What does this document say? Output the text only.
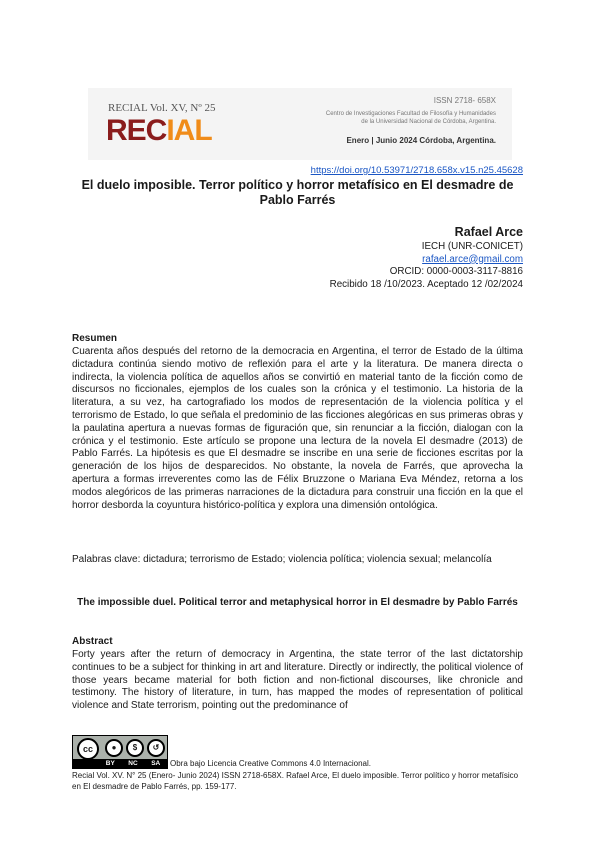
RECIAL Vol. XV, Nº 25
RECIAL
ISSN 2718- 658X
Centro de Investigaciones Facultad de Filosofía y Humanidades
de la Universidad Nacional de Córdoba, Argentina.
Enero | Junio 2024 Córdoba, Argentina.
https://doi.org/10.53971/2718.658x.v15.n25.45628
El duelo imposible. Terror político y horror metafísico en El desmadre de Pablo Farrés
Rafael Arce
IECH (UNR-CONICET)
rafael.arce@gmail.com
ORCID: 0000-0003-3117-8816
Recibido 18 /10/2023. Aceptado 12 /02/2024
Resumen
Cuarenta años después del retorno de la democracia en Argentina, el terror de Estado de la última dictadura continúa siendo motivo de reflexión para el arte y la literatura. De manera directa o indirecta, la violencia política de aquellos años se convirtió en material tanto de la ficción como de discursos no ficcionales, ejemplos de los cuales son la crónica y el testimonio. La historia de la literatura, a su vez, ha cartografiado los modos de representación de la violencia política y el terrorismo de Estado, lo que señala el predominio de las ficciones alegóricas en sus primeras obras y la paulatina apertura a nuevas formas de figuración que, sin renunciar a la ficción, dialogan con la crónica y el testimonio. Este artículo se propone una lectura de la novela El desmadre (2013) de Pablo Farrés. La hipótesis es que El desmadre se inscribe en una serie de ficciones escritas por la generación de los hijos de desparecidos. No obstante, la novela de Farrés, que aprovecha la apertura a formas irreverentes como las de Félix Bruzzone o Mariana Eva Méndez, retorna a los modos alegóricos de las primeras narraciones de la dictadura para construir una ficción en la que el horror desborda la coyuntura histórico-política y explora una dimensión ontológica.
Palabras clave: dictadura; terrorismo de Estado; violencia política; violencia sexual; melancolía
The impossible duel. Political terror and metaphysical horror in El desmadre by Pablo Farrés
Abstract
Forty years after the return of democracy in Argentina, the state terror of the last dictatorship continues to be a subject for thinking in art and literature. Directly or indirectly, the political violence of those years became material for both fiction and non-fictional discourses, like chronicle and testimony. The history of literature, in turn, has mapped the modes of representation of political violence and State terrorism, pointing out the predominance of
cc	●	$	↺
BY NC SA Obra bajo Licencia Creative Commons 4.0 Internacional.
Recial Vol. XV. N° 25 (Enero- Junio 2024) ISSN 2718-658X. Rafael Arce, El duelo imposible. Terror político y horror metafísico en El desmadre de Pablo Farrés, pp. 159-177.
